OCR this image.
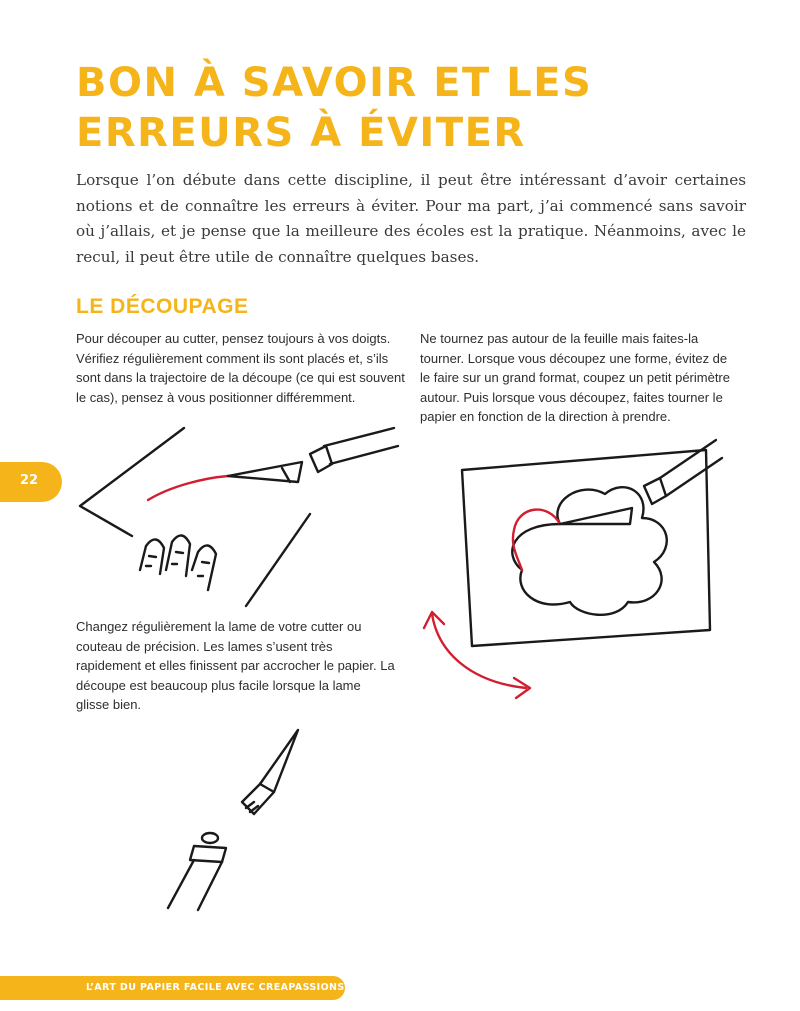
BON À SAVOIR ET LES ERREURS À ÉVITER

Lorsque l’on débute dans cette discipline, il peut être intéressant d’avoir certaines notions et de connaître les erreurs à éviter. Pour ma part, j’ai commencé sans savoir où j’allais, et je pense que la meilleure des écoles est la pratique. Néanmoins, avec le recul, il peut être utile de connaître quelques bases.

LE DÉCOUPAGE

Pour découper au cutter, pensez toujours à vos doigts. Vérifiez régulièrement comment ils sont placés et, s’ils sont dans la trajectoire de la découpe (ce qui est souvent le cas), pensez à vous positionner différemment.

Ne tournez pas autour de la feuille mais faites-la tourner. Lorsque vous découpez une forme, évitez de le faire sur un grand format, coupez un petit périmètre autour. Puis lorsque vous découpez, faites tourner le papier en fonction de la direction à prendre.

Changez régulièrement la lame de votre cutter ou couteau de précision. Les lames s’usent très rapidement et elles finissent par accrocher le papier. La découpe est beaucoup plus facile lorsque la lame glisse bien.

22
L’ART DU PAPIER FACILE AVEC CREAPASSIONS.COM
